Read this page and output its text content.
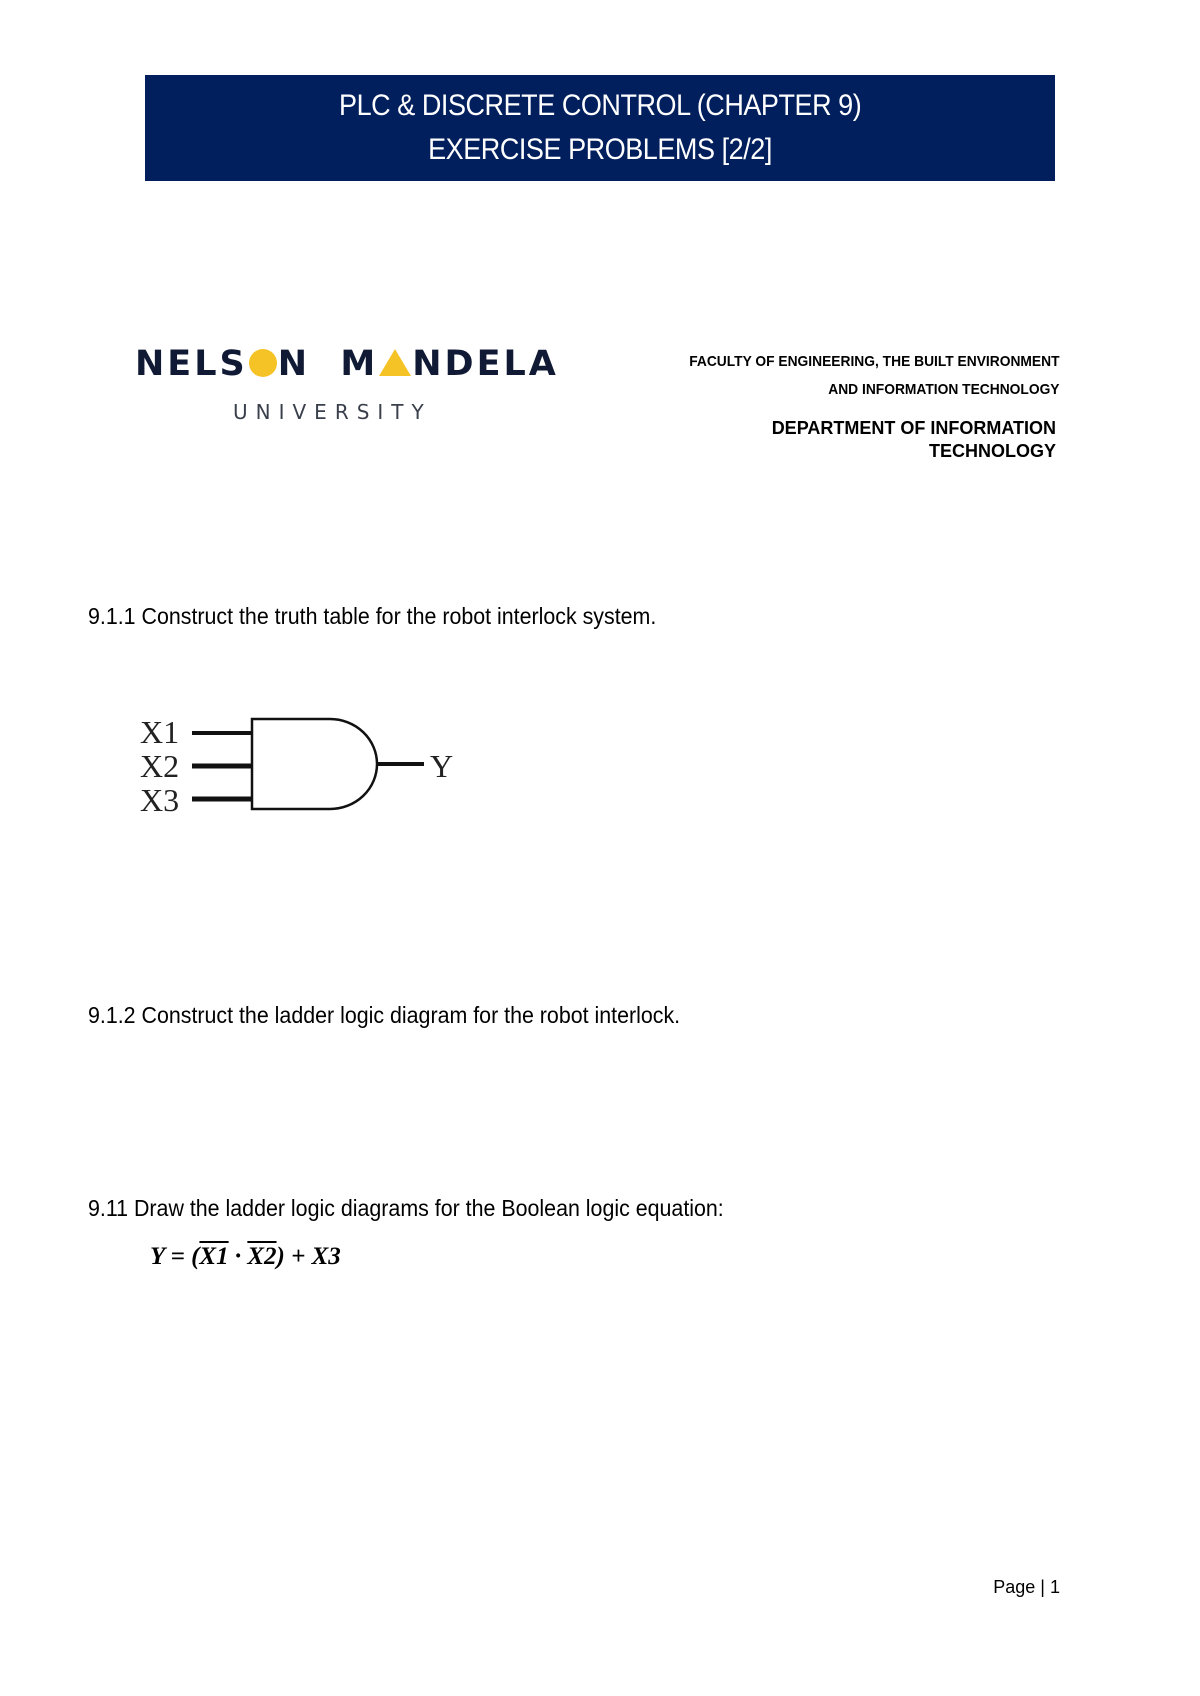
PLC & DISCRETE CONTROL (CHAPTER 9)
EXERCISE PROBLEMS [2/2]
NELS N M NDELA
UNIVERSITY
FACULTY OF ENGINEERING, THE BUILT ENVIRONMENT
AND INFORMATION TECHNOLOGY
DEPARTMENT OF INFORMATION
TECHNOLOGY
9.1.1 Construct the truth table for the robot interlock system.
X1
X2
X3
Y
9.1.2 Construct the ladder logic diagram for the robot interlock.
9.11 Draw the ladder logic diagrams for the Boolean logic equation:
Y = (X1 · X2) + X3
Page | 1
